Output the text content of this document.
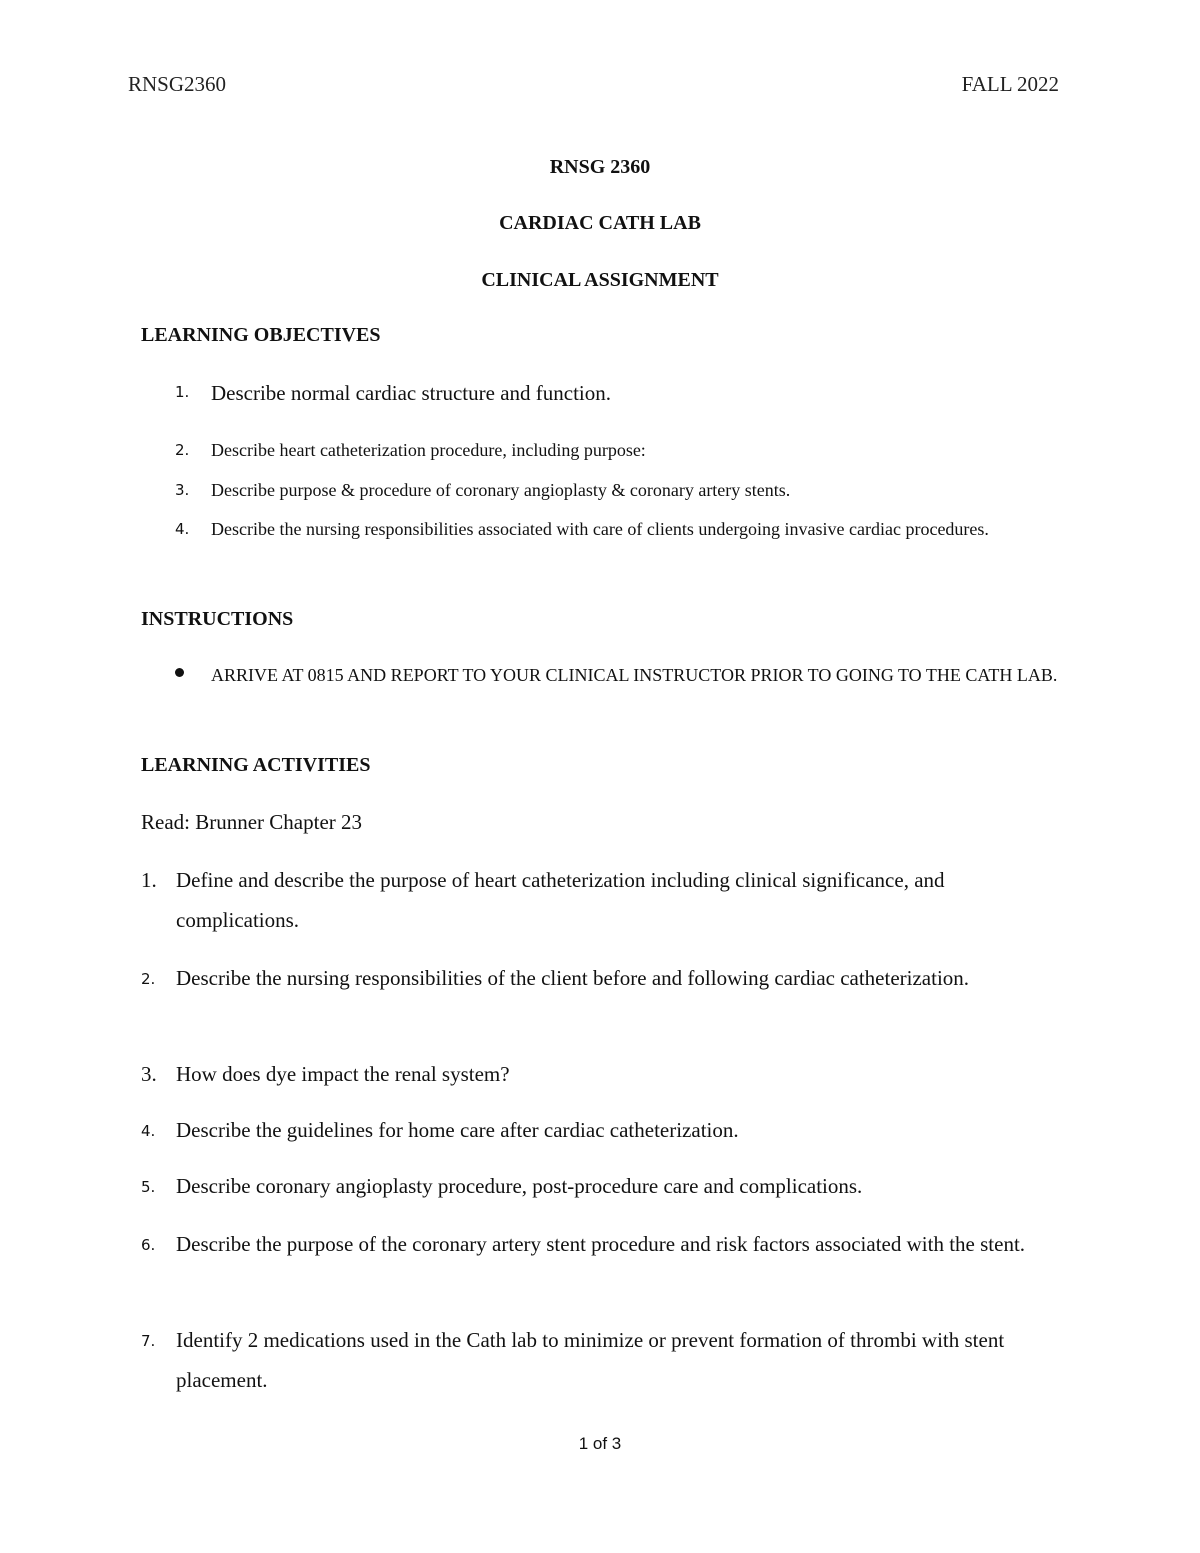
RNSG2360	FALL 2022
RNSG 2360
CARDIAC CATH LAB
CLINICAL ASSIGNMENT
LEARNING OBJECTIVES
1. Describe normal cardiac structure and function.
2. Describe heart catheterization procedure, including purpose:
3. Describe purpose & procedure of coronary angioplasty & coronary artery stents.
4. Describe the nursing responsibilities associated with care of clients undergoing invasive cardiac procedures.
INSTRUCTIONS
ARRIVE AT 0815 AND REPORT TO YOUR CLINICAL INSTRUCTOR PRIOR TO GOING TO THE CATH LAB.
LEARNING ACTIVITIES
Read: Brunner Chapter 23
1. Define and describe the purpose of heart catheterization including clinical significance, and complications.
2. Describe the nursing responsibilities of the client before and following cardiac catheterization.
3. How does dye impact the renal system?
4. Describe the guidelines for home care after cardiac catheterization.
5. Describe coronary angioplasty procedure, post-procedure care and complications.
6. Describe the purpose of the coronary artery stent procedure and risk factors associated with the stent.
7. Identify 2 medications used in the Cath lab to minimize or prevent formation of thrombi with stent placement.
1 of 3
